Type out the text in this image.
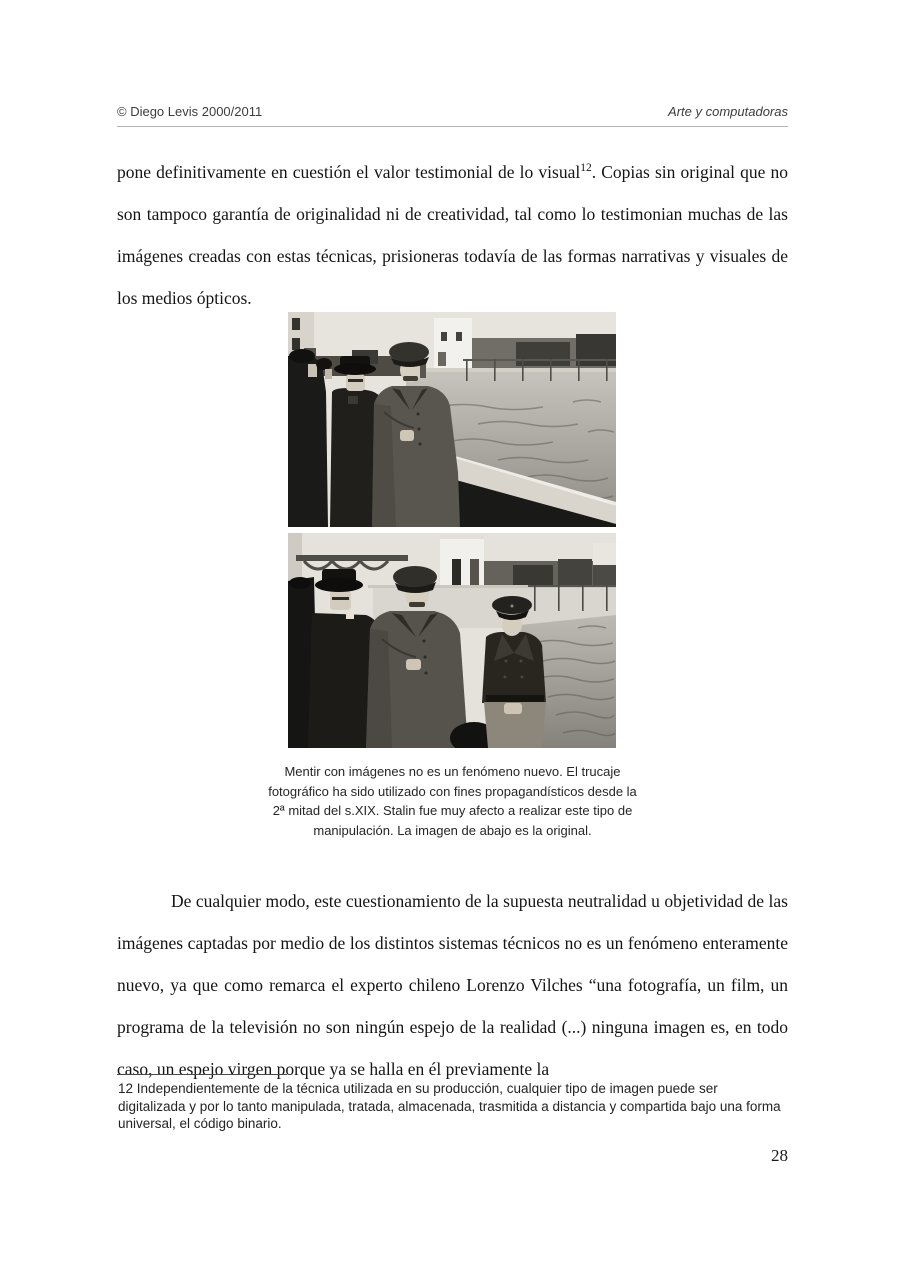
© Diego Levis 2000/2011	Arte y computadoras

pone definitivamente en cuestión el valor testimonial de lo visual$^{12}$. Copias sin original que no son tampoco garantía de originalidad ni de creatividad, tal como lo testimonian muchas de las imágenes creadas con estas técnicas, prisioneras todavía de las formas narrativas y visuales de los medios ópticos.

Mentir con imágenes no es un fenómeno nuevo. El trucaje
fotográfico ha sido utilizado con fines propagandísticos desde la
2ª mitad del s.XIX. Stalin fue muy afecto a realizar este tipo de
manipulación. La imagen de abajo es la original.

De cualquier modo, este cuestionamiento de la supuesta neutralidad u objetividad de las imágenes captadas por medio de los distintos sistemas técnicos no es un fenómeno enteramente nuevo, ya que como remarca el experto chileno Lorenzo Vilches “una fotografía, un film, un programa de la televisión no son ningún espejo de la realidad (...) ninguna imagen es, en todo caso, un espejo virgen porque ya se halla en él previamente la

12 Independientemente de la técnica utilizada en su producción, cualquier tipo de imagen puede ser digitalizada y por lo tanto manipulada, tratada, almacenada, trasmitida a distancia y compartida bajo una forma universal, el código binario.
28
